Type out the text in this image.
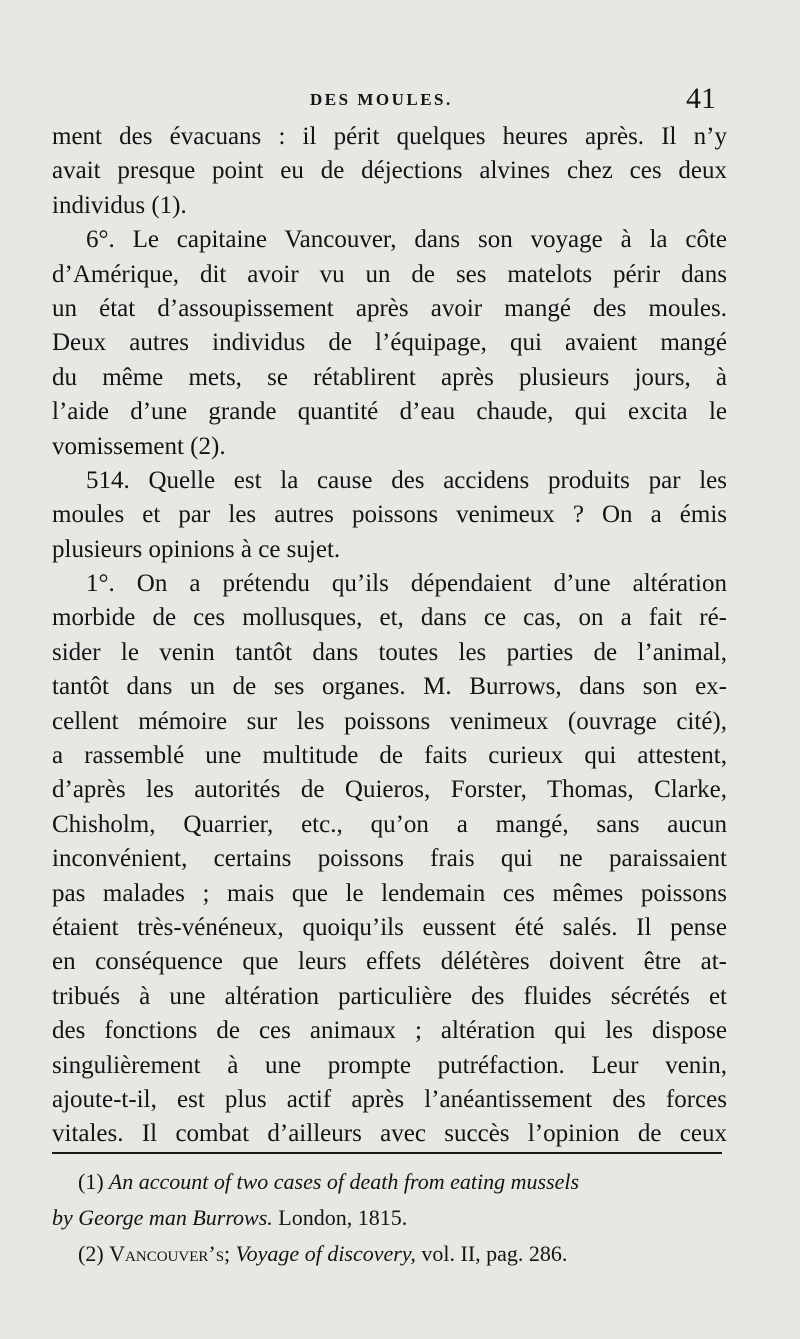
DES MOULES.	41
ment des évacuans : il périt quelques heures après. Il n’y
avait presque point eu de déjections alvines chez ces deux
individus (1).
6°. Le capitaine Vancouver, dans son voyage à la côte
d’Amérique, dit avoir vu un de ses matelots périr dans
un état d’assoupissement après avoir mangé des moules.
Deux autres individus de l’équipage, qui avaient mangé
du même mets, se rétablirent après plusieurs jours, à
l’aide d’une grande quantité d’eau chaude, qui excita le
vomissement (2).
514. Quelle est la cause des accidens produits par les
moules et par les autres poissons venimeux ? On a émis
plusieurs opinions à ce sujet.
1°. On a prétendu qu’ils dépendaient d’une altération
morbide de ces mollusques, et, dans ce cas, on a fait ré-
sider le venin tantôt dans toutes les parties de l’animal,
tantôt dans un de ses organes. M. Burrows, dans son ex-
cellent mémoire sur les poissons venimeux (ouvrage cité),
a rassemblé une multitude de faits curieux qui attestent,
d’après les autorités de Quieros, Forster, Thomas, Clarke,
Chisholm, Quarrier, etc., qu’on a mangé, sans aucun
inconvénient, certains poissons frais qui ne paraissaient
pas malades ; mais que le lendemain ces mêmes poissons
étaient très-vénéneux, quoiqu’ils eussent été salés. Il pense
en conséquence que leurs effets délétères doivent être at-
tribués à une altération particulière des fluides sécrétés et
des fonctions de ces animaux ; altération qui les dispose
singulièrement à une prompte putréfaction. Leur venin,
ajoute-t-il, est plus actif après l’anéantissement des forces
vitales. Il combat d’ailleurs avec succès l’opinion de ceux
(1) An account of two cases of death from eating mussels
by George man Burrows. London, 1815.
(2) Vancouver’s; Voyage of discovery, vol. II, pag. 286.
